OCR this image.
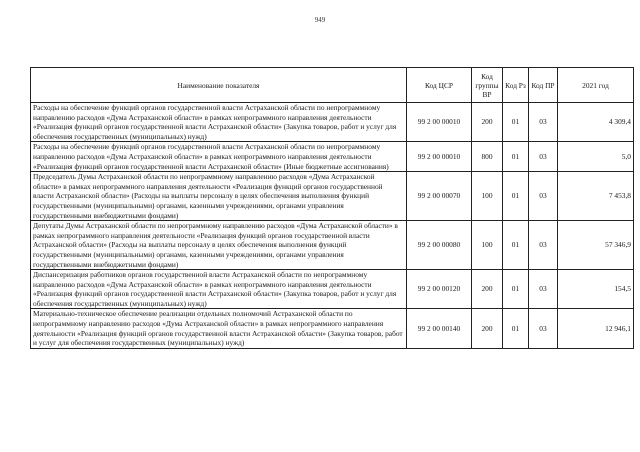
949
Наименование показателя	Код ЦСР	Код группы ВР	Код Рз	Код ПР	2021 год
Расходы на обеспечение функций органов государственной власти Астраханской области по непрограммному направлению расходов «Дума Астраханской области» в рамках непрограммного направления деятельности «Реализация функций органов государственной власти Астраханской области» (Закупка товаров, работ и услуг для обеспечения государственных (муниципальных) нужд)	99 2 00 00010	200	01	03	4 309,4
Расходы на обеспечение функций органов государственной власти Астраханской области по непрограммному направлению расходов «Дума Астраханской области» в рамках непрограммного направления деятельности «Реализация функций органов государственной власти Астраханской области» (Иные бюджетные ассигнования)	99 2 00 00010	800	01	03	5,0
Председатель Думы Астраханской области по непрограммному направлению расходов «Дума Астраханской области» в рамках непрограммного направления деятельности «Реализация функций органов государственной власти Астраханской области» (Расходы на выплаты персоналу в целях обеспечения выполнения функций государственными (муниципальными) органами, казенными учреждениями, органами управления государственными внебюджетными фондами)	99 2 00 00070	100	01	03	7 453,8
Депутаты Думы Астраханской области по непрограммному направлению расходов «Дума Астраханской области» в рамках непрограммного направления деятельности «Реализация функций органов государственной власти Астраханской области» (Расходы на выплаты персоналу в целях обеспечения выполнения функций государственными (муниципальными) органами, казенными учреждениями, органами управления государственными внебюджетными фондами)	99 2 00 00080	100	01	03	57 346,9
Диспансеризация работников органов государственной власти Астраханской области по непрограммному направлению расходов «Дума Астраханской области» в рамках непрограммного направления деятельности «Реализация функций органов государственной власти Астраханской области» (Закупка товаров, работ и услуг для обеспечения государственных (муниципальных) нужд)	99 2 00 00120	200	01	03	154,5
Материально-техническое обеспечение реализации отдельных полномочий Астраханской области по непрограммному направлению расходов «Дума Астраханской области» в рамках непрограммного направления деятельности «Реализация функций органов государственной власти Астраханской области» (Закупка товаров, работ и услуг для обеспечения государственных (муниципальных) нужд)	99 2 00 00140	200	01	03	12 946,1
